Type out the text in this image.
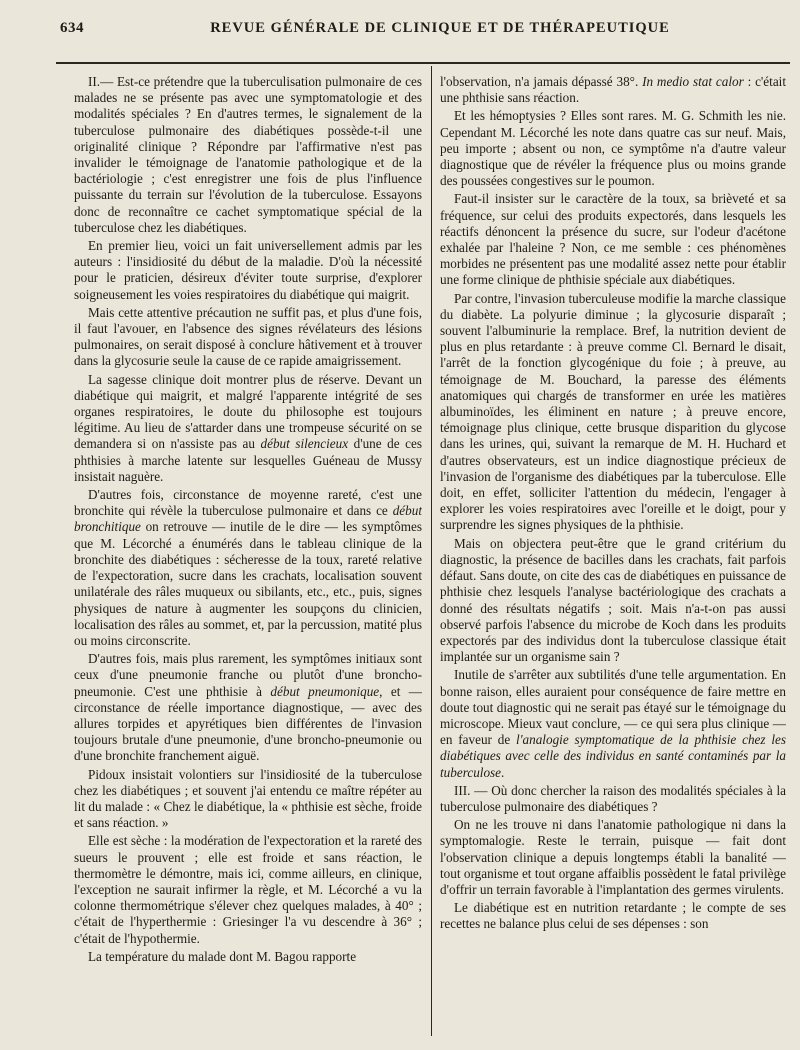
634	REVUE GÉNÉRALE DE CLINIQUE ET DE THÉRAPEUTIQUE

II.— Est-ce prétendre que la tuberculisation pulmonaire de ces malades ne se présente pas avec une symptomatologie et des modalités spéciales ? En d'autres termes, le signalement de la tuberculose pulmonaire des diabétiques possède-t-il une originalité clinique ? Répondre par l'affirmative n'est pas invalider le témoignage de l'anatomie pathologique et de la bactériologie ; c'est enregistrer une fois de plus l'influence puissante du terrain sur l'évolution de la tuberculose. Essayons donc de reconnaître ce cachet symptomatique spécial de la tuberculose chez les diabétiques.

En premier lieu, voici un fait universellement admis par les auteurs : l'insidiosité du début de la maladie. D'où la nécessité pour le praticien, désireux d'éviter toute surprise, d'explorer soigneusement les voies respiratoires du diabétique qui maigrit.

Mais cette attentive précaution ne suffit pas, et plus d'une fois, il faut l'avouer, en l'absence des signes révélateurs des lésions pulmonaires, on serait disposé à conclure hâtivement et à trouver dans la glycosurie seule la cause de ce rapide amaigrissement.

La sagesse clinique doit montrer plus de réserve. Devant un diabétique qui maigrit, et malgré l'apparente intégrité de ses organes respiratoires, le doute du philosophe est toujours légitime. Au lieu de s'attarder dans une trompeuse sécurité on se demandera si on n'assiste pas au début silencieux d'une de ces phthisies à marche latente sur lesquelles Guéneau de Mussy insistait naguère.

D'autres fois, circonstance de moyenne rareté, c'est une bronchite qui révèle la tuberculose pulmonaire et dans ce début bronchitique on retrouve — inutile de le dire — les symptômes que M. Lécorché a énumérés dans le tableau clinique de la bronchite des diabétiques : sécheresse de la toux, rareté relative de l'expectoration, sucre dans les crachats, localisation souvent unilatérale des râles muqueux ou sibilants, etc., etc., puis, signes physiques de nature à augmenter les soupçons du clinicien, localisation des râles au sommet, et, par la percussion, matité plus ou moins circonscrite.

D'autres fois, mais plus rarement, les symptômes initiaux sont ceux d'une pneumonie franche ou plutôt d'une broncho-pneumonie. C'est une phthisie à début pneumonique, et — circonstance de réelle importance diagnostique, — avec des allures torpides et apyrétiques bien différentes de l'invasion toujours brutale d'une pneumonie, d'une broncho-pneumonie ou d'une bronchite franchement aiguë.

Pidoux insistait volontiers sur l'insidiosité de la tuberculose chez les diabétiques ; et souvent j'ai entendu ce maître répéter au lit du malade : « Chez le diabétique, la « phthisie est sèche, froide et sans réaction. »

Elle est sèche : la modération de l'expectoration et la rareté des sueurs le prouvent ; elle est froide et sans réaction, le thermomètre le démontre, mais ici, comme ailleurs, en clinique, l'exception ne saurait infirmer la règle, et M. Lécorché a vu la colonne thermométrique s'élever chez quelques malades, à 40° ; c'était de l'hyperthermie : Griesinger l'a vu descendre à 36° ; c'était de l'hypothermie.

La température du malade dont M. Bagou rapporte

l'observation, n'a jamais dépassé 38°. In medio stat calor : c'était une phthisie sans réaction.

Et les hémoptysies ? Elles sont rares. M. G. Schmith les nie. Cependant M. Lécorché les note dans quatre cas sur neuf. Mais, peu importe ; absent ou non, ce symptôme n'a d'autre valeur diagnostique que de révéler la fréquence plus ou moins grande des poussées congestives sur le poumon.

Faut-il insister sur le caractère de la toux, sa brièveté et sa fréquence, sur celui des produits expectorés, dans lesquels les réactifs dénoncent la présence du sucre, sur l'odeur d'acétone exhalée par l'haleine ? Non, ce me semble : ces phénomènes morbides ne présentent pas une modalité assez nette pour établir une forme clinique de phthisie spéciale aux diabétiques.

Par contre, l'invasion tuberculeuse modifie la marche classique du diabète. La polyurie diminue ; la glycosurie disparaît ; souvent l'albuminurie la remplace. Bref, la nutrition devient de plus en plus retardante : à preuve comme Cl. Bernard le disait, l'arrêt de la fonction glycogénique du foie ; à preuve, au témoignage de M. Bouchard, la paresse des éléments anatomiques qui chargés de transformer en urée les matières albuminoïdes, les éliminent en nature ; à preuve encore, témoignage plus clinique, cette brusque disparition du glycose dans les urines, qui, suivant la remarque de M. H. Huchard et d'autres observateurs, est un indice diagnostique précieux de l'invasion de l'organisme des diabétiques par la tuberculose. Elle doit, en effet, solliciter l'attention du médecin, l'engager à explorer les voies respiratoires avec l'oreille et le doigt, pour y surprendre les signes physiques de la phthisie.

Mais on objectera peut-être que le grand critérium du diagnostic, la présence de bacilles dans les crachats, fait parfois défaut. Sans doute, on cite des cas de diabétiques en puissance de phthisie chez lesquels l'analyse bactériologique des crachats a donné des résultats négatifs ; soit. Mais n'a-t-on pas aussi observé parfois l'absence du microbe de Koch dans les produits expectorés par des individus dont la tuberculose classique était implantée sur un organisme sain ?

Inutile de s'arrêter aux subtilités d'une telle argumentation. En bonne raison, elles auraient pour conséquence de faire mettre en doute tout diagnostic qui ne serait pas étayé sur le témoignage du microscope. Mieux vaut conclure, — ce qui sera plus clinique — en faveur de l'analogie symptomatique de la phthisie chez les diabétiques avec celle des individus en santé contaminés par la tuberculose.

III. — Où donc chercher la raison des modalités spéciales à la tuberculose pulmonaire des diabétiques ?

On ne les trouve ni dans l'anatomie pathologique ni dans la symptomalogie. Reste le terrain, puisque — fait dont l'observation clinique a depuis longtemps établi la banalité — tout organisme et tout organe affaiblis possèdent le fatal privilège d'offrir un terrain favorable à l'implantation des germes virulents.

Le diabétique est en nutrition retardante ; le compte de ses recettes ne balance plus celui de ses dépenses : son
